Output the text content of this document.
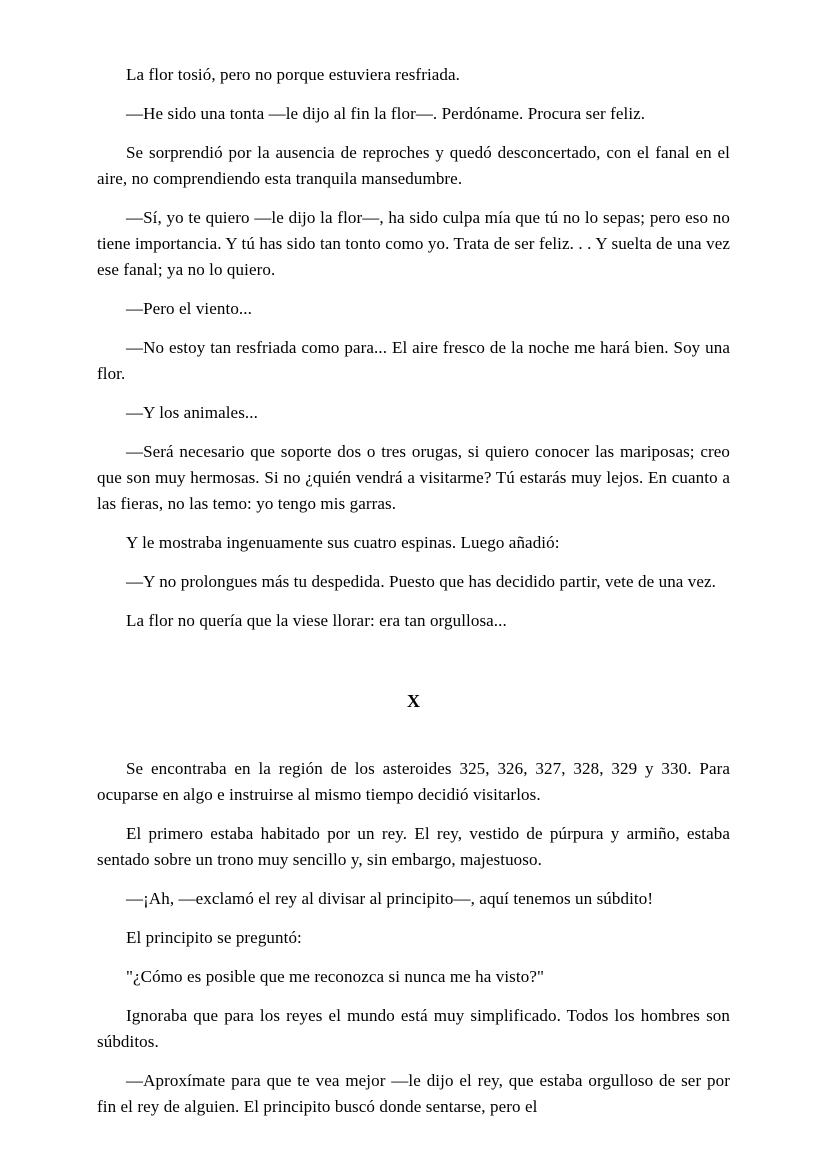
La flor tosió, pero no porque estuviera resfriada.

—He sido una tonta —le dijo al fin la flor—. Perdóname. Procura ser feliz.

Se sorprendió por la ausencia de reproches y quedó desconcertado, con el fanal en el aire, no comprendiendo esta tranquila mansedumbre.

—Sí, yo te quiero —le dijo la flor—, ha sido culpa mía que tú no lo sepas; pero eso no tiene importancia. Y tú has sido tan tonto como yo. Trata de ser feliz. . . Y suelta de una vez ese fanal; ya no lo quiero.

—Pero el viento...

—No estoy tan resfriada como para... El aire fresco de la noche me hará bien. Soy una flor.

—Y los animales...

—Será necesario que soporte dos o tres orugas, si quiero conocer las mariposas; creo que son muy hermosas. Si no ¿quién vendrá a visitarme? Tú estarás muy lejos. En cuanto a las fieras, no las temo: yo tengo mis garras.

Y le mostraba ingenuamente sus cuatro espinas. Luego añadió:

—Y no prolongues más tu despedida. Puesto que has decidido partir, vete de una vez.

La flor no quería que la viese llorar: era tan orgullosa...

X

Se encontraba en la región de los asteroides 325, 326, 327, 328, 329 y 330. Para ocuparse en algo e instruirse al mismo tiempo decidió visitarlos.

El primero estaba habitado por un rey. El rey, vestido de púrpura y armiño, estaba sentado sobre un trono muy sencillo y, sin embargo, majestuoso.

—¡Ah, —exclamó el rey al divisar al principito—, aquí tenemos un súbdito!

El principito se preguntó:

"¿Cómo es posible que me reconozca si nunca me ha visto?"

Ignoraba que para los reyes el mundo está muy simplificado. Todos los hombres son súbditos.

—Aproxímate para que te vea mejor —le dijo el rey, que estaba orgulloso de ser por fin el rey de alguien. El principito buscó donde sentarse, pero el
